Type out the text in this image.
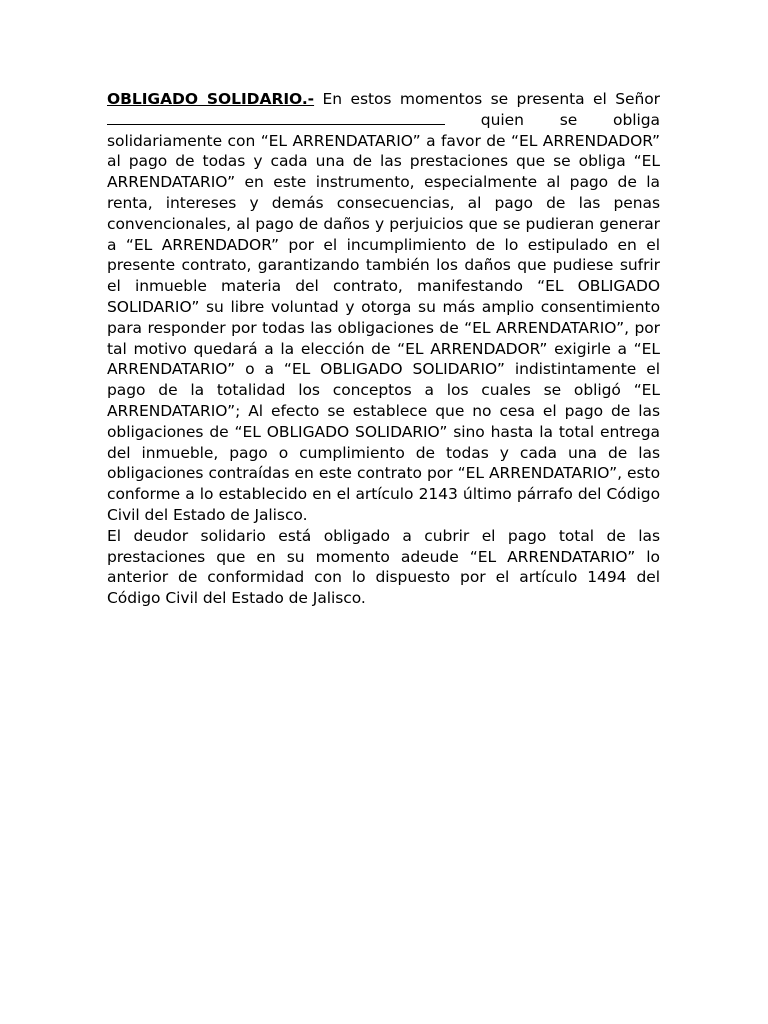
OBLIGADO SOLIDARIO.- En estos momentos se presenta el Señor  quien se obliga solidariamente con “EL ARRENDATARIO” a favor de “EL ARRENDADOR” al pago de todas y cada una de las prestaciones que se obliga “EL ARRENDATARIO” en este instrumento, especialmente al pago de la renta, intereses y demás consecuencias, al pago de las penas convencionales, al pago de daños y perjuicios que se pudieran generar a “EL ARRENDADOR” por el incumplimiento de lo estipulado en el presente contrato, garantizando también los daños que pudiese sufrir el inmueble materia del contrato, manifestando “EL OBLIGADO SOLIDARIO” su libre voluntad y otorga su más amplio consentimiento para responder por todas las obligaciones de “EL ARRENDATARIO”, por tal motivo quedará a la elección de “EL ARRENDADOR” exigirle a “EL ARRENDATARIO” o a “EL OBLIGADO SOLIDARIO” indistintamente el pago de la totalidad los conceptos a los cuales se obligó “EL ARRENDATARIO”; Al efecto se establece que no cesa el pago de las obligaciones de “EL OBLIGADO SOLIDARIO” sino hasta la total entrega del inmueble, pago o cumplimiento de todas y cada una de las obligaciones contraídas en este contrato por “EL ARRENDATARIO”, esto conforme a lo establecido en el artículo 2143 último párrafo del Código Civil del Estado de Jalisco.

El deudor solidario está obligado a cubrir el pago total de las prestaciones que en su momento adeude “EL ARRENDATARIO” lo anterior de conformidad con lo dispuesto por el artículo 1494 del Código Civil del Estado de Jalisco.
